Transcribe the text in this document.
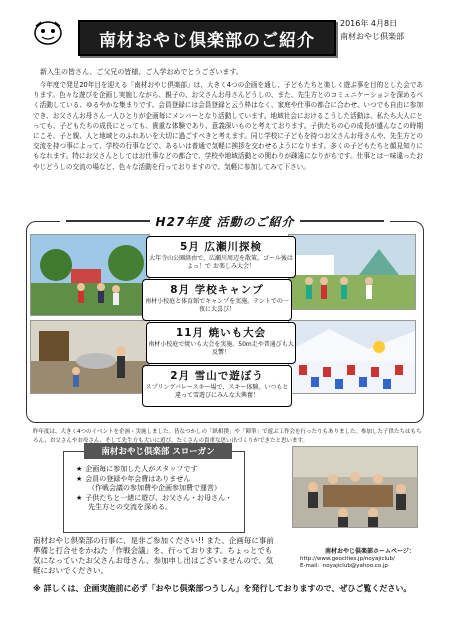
南材おやじ倶楽部のご紹介
2016年 4月8日
南材おやじ倶楽部

新入生の皆さん、ご父兄の皆様、ご入学おめでとうございます。

今年度で発足20年目を迎える「南材おやじ倶楽部」は、大きく4つの企画を通し、子どもたちと楽しく遊ぶ事を目的とした会であります。色々な遊びを企画し実施しながら、親子の、お父さんお母さんどうしの、また、先生方とのコミュニケーションを深めるべく活動している、ゆるやかな集まりです。会員登録には会員登録と云う枠はなく、家庭や仕事の都合に合わせ、いつでも自由に参加でき、お父さんお母さん一人ひとりが企画毎にメンバーとなり活動しています。地域社会におけるこうした活動は、私たち大人にとっても、子どもたちの成長にとっても、貴重な体験であり、意義深いものと考えております。子供たちの心の成長が盛んなこの時期にこそ、子と親、人と地域とのふれあいを大切に過ごすべきと考えます。同じ学校に子どもを持つお父さんお母さんや、先生方との交流を持つ事によって、学校の行事などで、あるいは普通で気軽に挨拶を交わせるようになります。多くの子どもたちと顔見知りにもなれます。特にお父さんとしてはお仕事などの都合で、学校や地域活動との関わりが疎遠になりがちです。仕事とは一味違ったおやじどうしの交流の場など、色々な活動を行っておりますので、気軽に参加してみて下さい。

H27年度 活動のご紹介
5月 広瀬川探検
大年寺山公園経由で、広瀬川周辺を散策。ゴール後はよっ！で お楽しみ大会！
8月 学校キャンプ
南材小校庭と体育館でキャンプを実施。テントでの一夜に大喜び！
11月 焼いも大会
南材小校庭で焼いも大会を実施。50m走や普通びも大反響！
2月 雪山で遊ぼう
スプリングバレースキー場で、スキー体験。いつもと違って雪遊びにみんな大興奮！

昨年度は、大きく4つのイベントを企画・実施しました。皆なつかしの「紙相撲」や「陣筆」で遊ぶ工作会を行ったりもありました。参加した子供たちはもちろん、お父さんやお母さん、そして先生方も大いに遊び、たくさんの貴重な思い出づくりができたと思います。

南材おやじ倶楽部 スローガン
★ 企画毎に参加した人がスタッフです
★ 会員の登録や年会費はありません
（作戦会議の参加費や企画参加費で運営）
★ 子供たちと一緒に遊び、お父さん・お母さん・
先生方との交流を深める。

南材おやじ倶楽部の行事に、是非ご参加ください!! また、企画毎に事前準備と打合せをかねた「作戦会議」を、行っております。ちょっとでも気になっていたお父さんお母さん、参加申し出はございませんので、気軽においでください。

南材おやじ倶楽部ホームページ：
http://www.geocities.jp/noyajiclub/
E-mail：noyajiclub@yahoo.co.jp
※ 詳しくは、企画実施前に必ず「おやじ倶楽部つうしん」を発行しておりますので、ぜひご覧ください。
